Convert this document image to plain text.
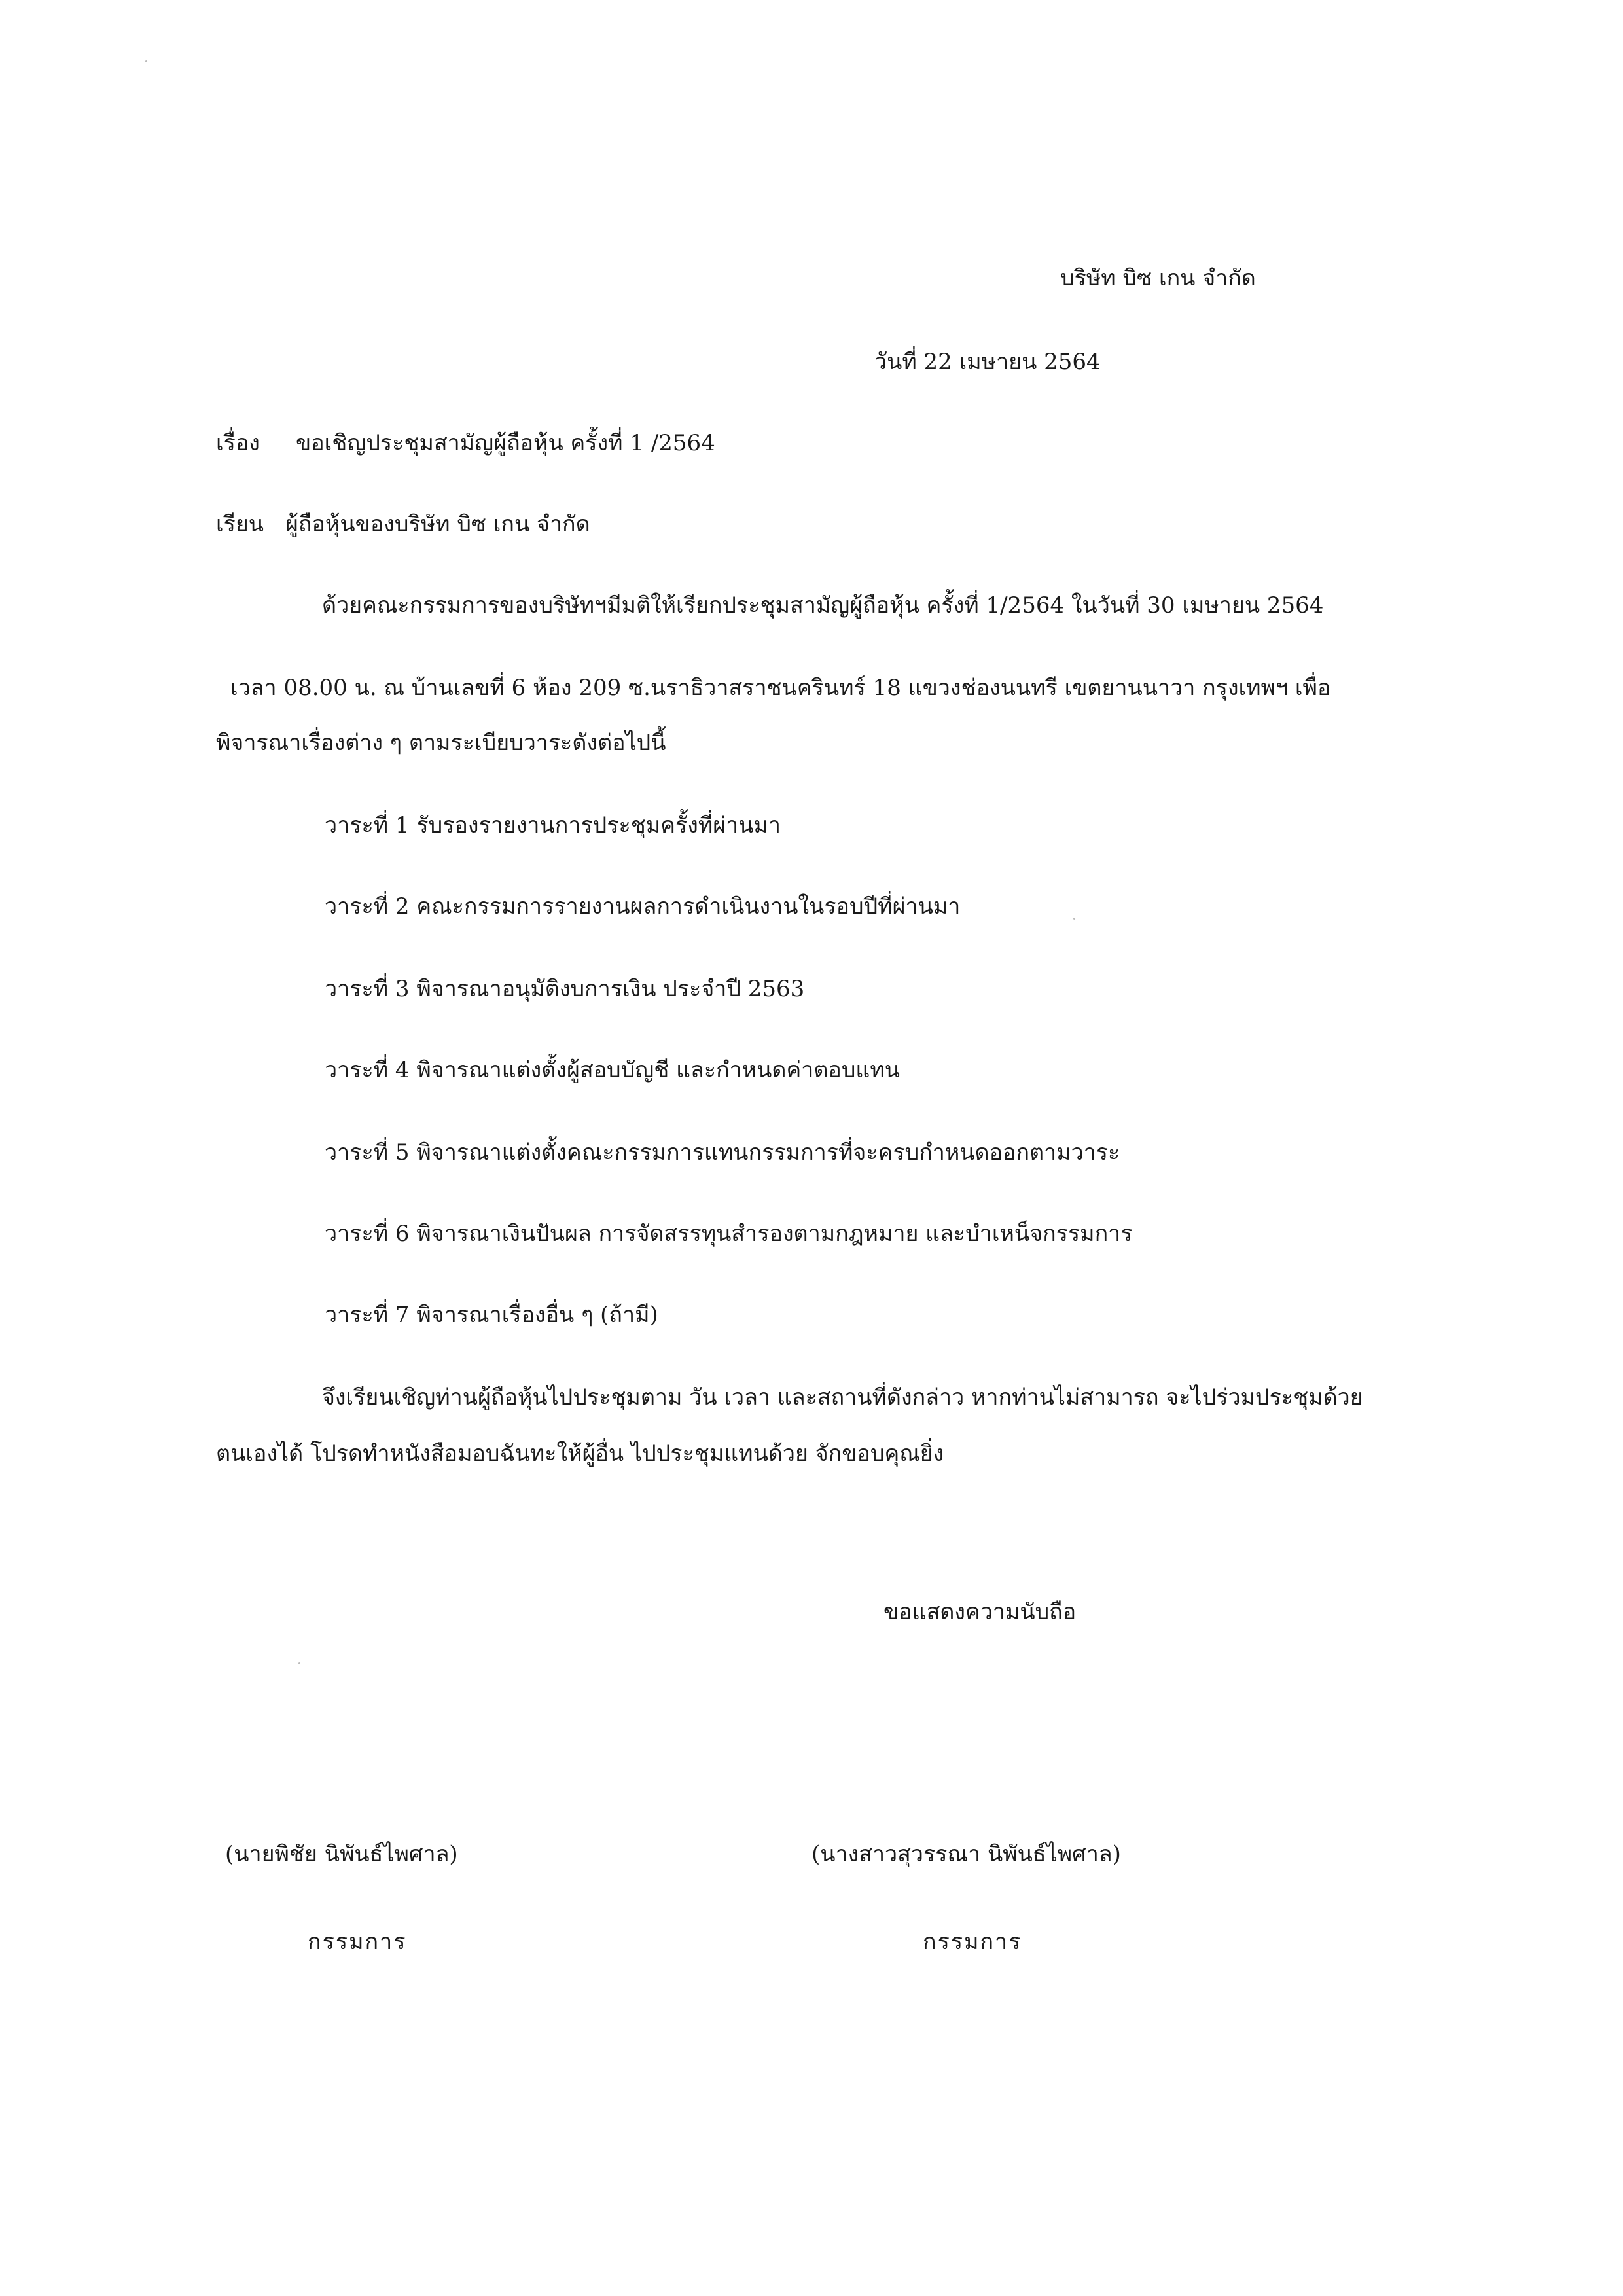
บริษัท บิซ เกน จำกัด
วันที่ 22 เมษายน 2564
เรื่อง ขอเชิญประชุมสามัญผู้ถือหุ้น ครั้งที่ 1 /2564
เรียน ผู้ถือหุ้นของบริษัท บิซ เกน จำกัด
ด้วยคณะกรรมการของบริษัทฯมีมติให้เรียกประชุมสามัญผู้ถือหุ้น ครั้งที่ 1/2564 ในวันที่ 30 เมษายน 2564
เวลา 08.00 น. ณ บ้านเลขที่ 6 ห้อง 209 ซ.นราธิวาสราชนครินทร์ 18 แขวงช่องนนทรี เขตยานนาวา กรุงเทพฯ เพื่อ
พิจารณาเรื่องต่าง ๆ ตามระเบียบวาระดังต่อไปนี้
วาระที่ 1 รับรองรายงานการประชุมครั้งที่ผ่านมา
วาระที่ 2 คณะกรรมการรายงานผลการดำเนินงานในรอบปีที่ผ่านมา
วาระที่ 3 พิจารณาอนุมัติงบการเงิน ประจำปี 2563
วาระที่ 4 พิจารณาแต่งตั้งผู้สอบบัญชี และกำหนดค่าตอบแทน
วาระที่ 5 พิจารณาแต่งตั้งคณะกรรมการแทนกรรมการที่จะครบกำหนดออกตามวาระ
วาระที่ 6 พิจารณาเงินปันผล การจัดสรรทุนสำรองตามกฎหมาย และบำเหน็จกรรมการ
วาระที่ 7 พิจารณาเรื่องอื่น ๆ (ถ้ามี)
จึงเรียนเชิญท่านผู้ถือหุ้นไปประชุมตาม วัน เวลา และสถานที่ดังกล่าว หากท่านไม่สามารถ จะไปร่วมประชุมด้วย
ตนเองได้ โปรดทำหนังสือมอบฉันทะให้ผู้อื่น ไปประชุมแทนด้วย จักขอบคุณยิ่ง
ขอแสดงความนับถือ
(นายพิชัย นิพันธ์ไพศาล)
กรรมการ
(นางสาวสุวรรณา นิพันธ์ไพศาล)
กรรมการ
